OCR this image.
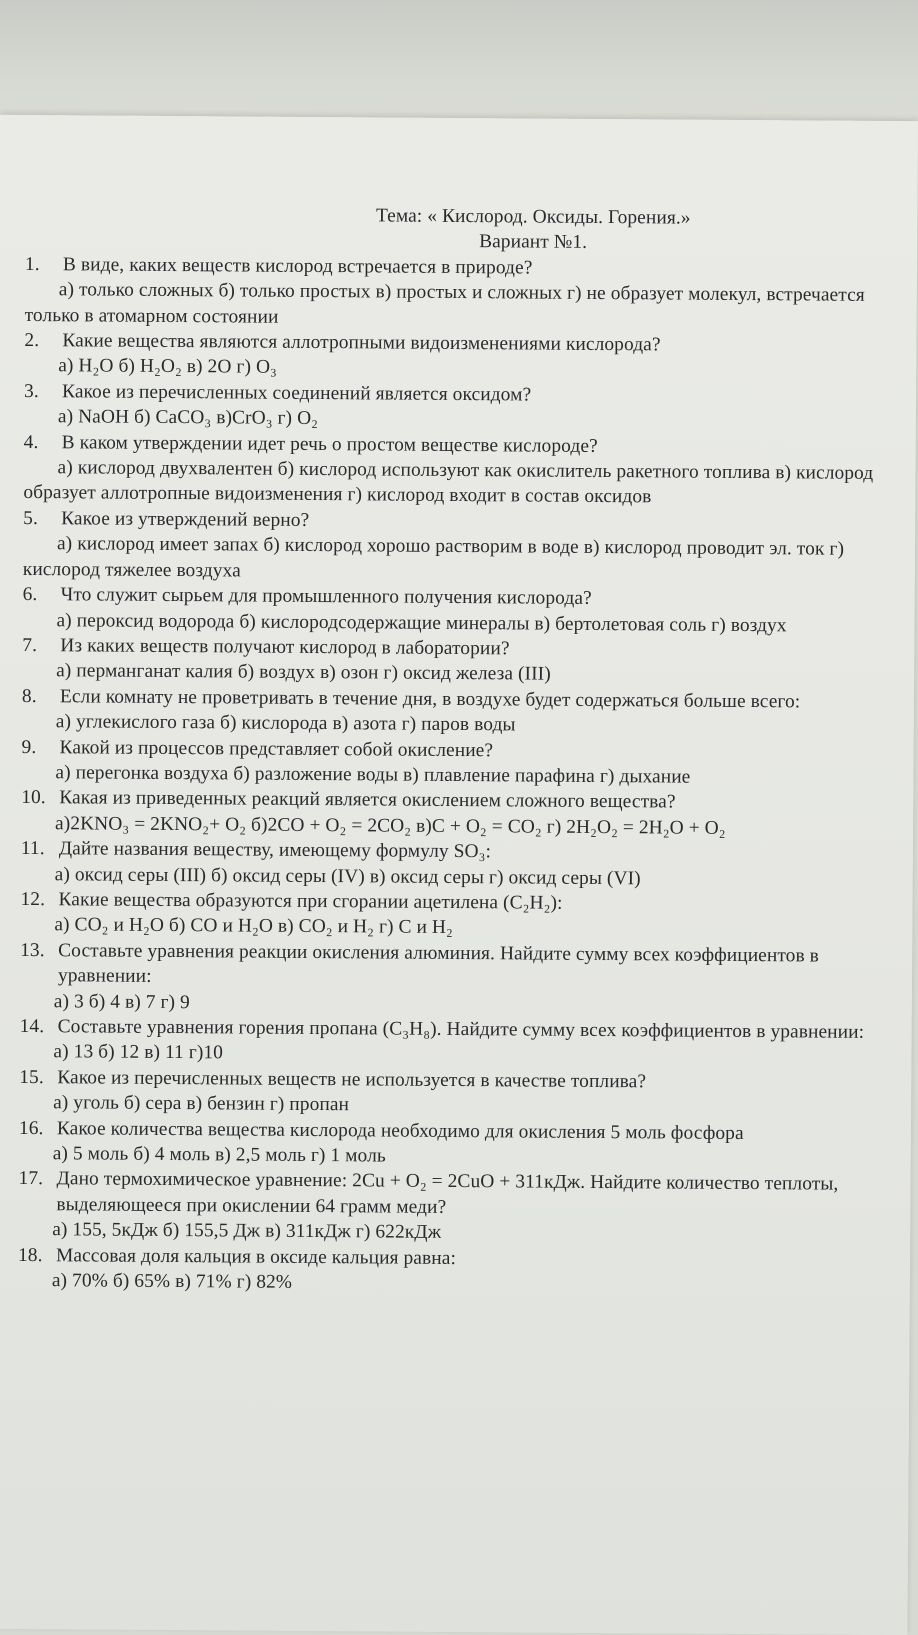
Тема: « Кислород. Оксиды. Горения.»

Вариант №1.

1.	В виде, каких веществ кислород встречается в природе?

а) только сложных б) только простых в) простых и сложных г) не образует молекул, встречается только в атомарном состоянии

2.	Какие вещества являются аллотропными видоизменениями кислорода?

а) H₂O б) H₂O₂ в) 2O г) O₃

3.	Какое из перечисленных соединений является оксидом?

а) NaOH б) CaCO₃ в)CrO₃ г) O₂

4.	В каком утверждении идет речь о простом веществе кислороде?

а) кислород двухвалентен б) кислород используют как окислитель ракетного топлива в) кислород образует аллотропные видоизменения г) кислород входит в состав оксидов

5.	Какое из утверждений верно?

а) кислород имеет запах б) кислород хорошо растворим в воде в) кислород проводит эл. ток г) кислород тяжелее воздуха

6.	Что служит сырьем для промышленного получения кислорода?

а) пероксид водорода б) кислородсодержащие минералы в) бертолетовая соль г) воздух

7.	Из каких веществ получают кислород в лаборатории?

а) перманганат калия б) воздух в) озон г) оксид железа (III)

8.	Если комнату не проветривать в течение дня, в воздухе будет содержаться больше всего:

а) углекислого газа б) кислорода в) азота г) паров воды

9.	Какой из процессов представляет собой окисление?

а) перегонка воздуха б) разложение воды в) плавление парафина г) дыхание

10. Какая из приведенных реакций является окислением сложного вещества?

а)2KNO₃ = 2KNO₂+ O₂ б)2CO + O₂ = 2CO₂ в)C + O₂ = CO₂ г) 2H₂O₂ = 2H₂O + O₂

11. Дайте названия веществу, имеющему формулу SO₃:

а) оксид серы (III) б) оксид серы (IV) в) оксид серы г) оксид серы (VI)

12. Какие вещества образуются при сгорании ацетилена (C₂H₂):

а) CO₂ и H₂O б) CO и H₂O в) CO₂ и H₂ г) C и H₂

13. Составьте уравнения реакции окисления алюминия. Найдите сумму всех коэффициентов в уравнении:

а) 3 б) 4 в) 7 г) 9

14. Составьте уравнения горения пропана (C₃H₈). Найдите сумму всех коэффициентов в уравнении:

а) 13 б) 12 в) 11 г)10

15. Какое из перечисленных веществ не используется в качестве топлива?

а) уголь б) сера в) бензин г) пропан

16. Какое количества вещества кислорода необходимо для окисления 5 моль фосфора

а) 5 моль б) 4 моль в) 2,5 моль г) 1 моль

17. Дано термохимическое уравнение: 2Cu + O₂ = 2CuO + 311кДж. Найдите количество теплоты, выделяющееся при окислении 64 грамм меди?

а) 155, 5кДж б) 155,5 Дж в) 311кДж г) 622кДж

18. Массовая доля кальция в оксиде кальция равна:

а) 70% б) 65% в) 71% г) 82%
